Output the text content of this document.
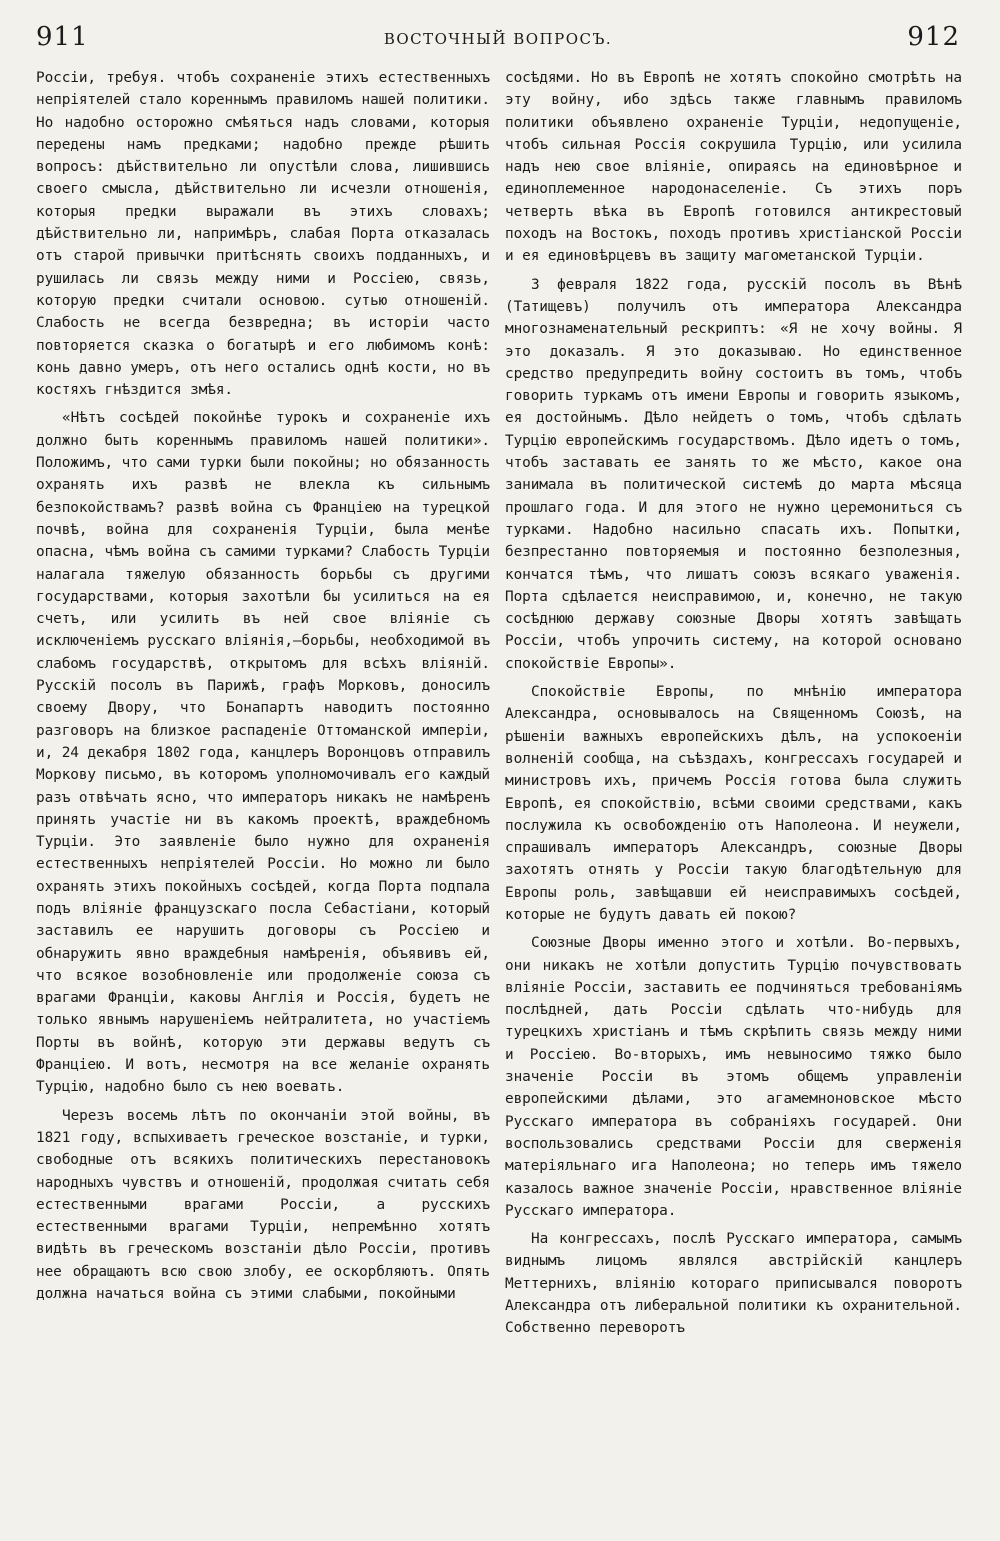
911	ВОСТОЧНЫЙ ВОПРОСЪ.	912

Россіи, требуя. чтобъ сохраненіе этихъ естественныхъ непріятелей стало кореннымъ правиломъ нашей политики. Но надобно осторожно смѣяться надъ словами, которыя передены намъ предками; надобно прежде рѣшить вопросъ: дѣйствительно ли опустѣли слова, лишившись своего смысла, дѣйствительно ли исчезли отношенія, которыя предки выражали въ этихъ словахъ; дѣйствительно ли, напримѣръ, слабая Порта отказалась отъ старой привычки притѣснять своихъ подданныхъ, и рушилась ли связь между ними и Россіею, связь, которую предки считали основою. сутью отношеній. Слабость не всегда безвредна; въ исторіи часто повторяется сказка о богатырѣ и его любимомъ конѣ: конь давно умеръ, отъ него остались однѣ кости, но въ костяхъ гнѣздится змѣя.

«Нѣтъ сосѣдей покойнѣе турокъ и сохраненіе ихъ должно быть кореннымъ правиломъ нашей политики». Положимъ, что сами турки были покойны; но обязанность охранять ихъ развѣ не влекла къ сильнымъ безпокойствамъ? развѣ война съ Франціею на турецкой почвѣ, война для сохраненія Турціи, была менѣе опасна, чѣмъ война съ самими турками? Слабость Турціи налагала тяжелую обязанность борьбы съ другими государствами, которыя захотѣли бы усилиться на ея счетъ, или усилить въ ней свое вліяніе съ исключеніемъ русскаго вліянія,—борьбы, необходимой въ слабомъ государствѣ, открытомъ для всѣхъ вліяній. Русскій посолъ въ Парижѣ, графъ Морковъ, доносилъ своему Двору, что Бонапартъ наводитъ постоянно разговоръ на близкое распаденіе Оттоманской имперіи, и, 24 декабря 1802 года, канцлеръ Воронцовъ отправилъ Моркову письмо, въ которомъ уполномочивалъ его каждый разъ отвѣчать ясно, что императоръ никакъ не намѣренъ принять участіе ни въ какомъ проектѣ, враждебномъ Турціи. Это заявленіе было нужно для охраненія естественныхъ непріятелей Россіи. Но можно ли было охранять этихъ покойныхъ сосѣдей, когда Порта подпала подъ вліяніе французскаго посла Себастіани, который заставилъ ее нарушить договоры съ Россіею и обнаружить явно враждебныя намѣренія, объявивъ ей, что всякое возобновленіе или продолженіе союза съ врагами Франціи, каковы Англія и Россія, будетъ не только явнымъ нарушеніемъ нейтралитета, но участіемъ Порты въ войнѣ, которую эти державы ведутъ съ Франціею. И вотъ, несмотря на все желаніе охранять Турцію, надобно было съ нею воевать.

Черезъ восемь лѣтъ по окончаніи этой войны, въ 1821 году, вспыхиваетъ греческое возстаніе, и турки, свободные отъ всякихъ политическихъ перестановокъ народныхъ чувствъ и отношеній, продолжая считать себя естественными врагами Россіи, а русскихъ естественными врагами Турціи, непремѣнно хотятъ видѣть въ греческомъ возстаніи дѣло Россіи, противъ нее обращаютъ всю свою злобу, ее оскорбляютъ. Опять должна начаться война съ этими слабыми, покойными

сосѣдями. Но въ Европѣ не хотятъ спокойно смотрѣть на эту войну, ибо здѣсь также главнымъ правиломъ политики объявлено охраненіе Турціи, недопущеніе, чтобъ сильная Россія сокрушила Турцію, или усилила надъ нею свое вліяніе, опираясь на единовѣрное и единоплеменное народонаселеніе. Съ этихъ поръ четверть вѣка въ Европѣ готовился антикрестовый походъ на Востокъ, походъ противъ христіанской Россіи и ея единовѣрцевъ въ защиту магометанской Турціи.

3 февраля 1822 года, русскій посолъ въ Вѣнѣ (Татищевъ) получилъ отъ императора Александра многознаменательный рескриптъ: «Я не хочу войны. Я это доказалъ. Я это доказываю. Но единственное средство предупредить войну состоитъ въ томъ, чтобъ говорить туркамъ отъ имени Европы и говорить языкомъ, ея достойнымъ. Дѣло нейдетъ о томъ, чтобъ сдѣлать Турцію европейскимъ государствомъ. Дѣло идетъ о томъ, чтобъ заставать ее занять то же мѣсто, какое она занимала въ политической системѣ до марта мѣсяца прошлаго года. И для этого не нужно церемониться съ турками. Надобно насильно спасать ихъ. Попытки, безпрестанно повторяемыя и постоянно безполезныя, кончатся тѣмъ, что лишатъ союзъ всякаго уваженія. Порта сдѣлается неисправимою, и, конечно, не такую сосѣднюю державу союзные Дворы хотятъ завѣщать Россіи, чтобъ упрочить систему, на которой основано спокойствіе Европы».

Спокойствіе Европы, по мнѣнію императора Александра, основывалось на Священномъ Союзѣ, на рѣшеніи важныхъ европейскихъ дѣлъ, на успокоеніи волненій сообща, на съѣздахъ, конгрессахъ государей и министровъ ихъ, причемъ Россія готова была служить Европѣ, ея спокойствію, всѣми своими средствами, какъ послужила къ освобожденію отъ Наполеона. И неужели, спрашивалъ императоръ Александръ, союзные Дворы захотятъ отнять у Россіи такую благодѣтельную для Европы роль, завѣщавши ей неисправимыхъ сосѣдей, которые не будутъ давать ей покою?

Союзные Дворы именно этого и хотѣли. Во-первыхъ, они никакъ не хотѣли допустить Турцію почувствовать вліяніе Россіи, заставить ее подчиняться требованіямъ послѣдней, дать Россіи сдѣлать что-нибудь для турецкихъ христіанъ и тѣмъ скрѣпить связь между ними и Россіею. Во-вторыхъ, имъ невыносимо тяжко было значеніе Россіи въ этомъ общемъ управленіи европейскими дѣлами, это агамемноновское мѣсто Русскаго императора въ собраніяхъ государей. Они воспользовались средствами Россіи для сверженія матеріяльнаго ига Наполеона; но теперь имъ тяжело казалось важное значеніе Россіи, нравственное вліяніе Русскаго императора.

На конгрессахъ, послѣ Русскаго императора, самымъ виднымъ лицомъ являлся австрійскій канцлеръ Меттернихъ, вліянію котораго приписывался поворотъ Александра отъ либеральной политики къ охранительной. Собственно переворотъ
